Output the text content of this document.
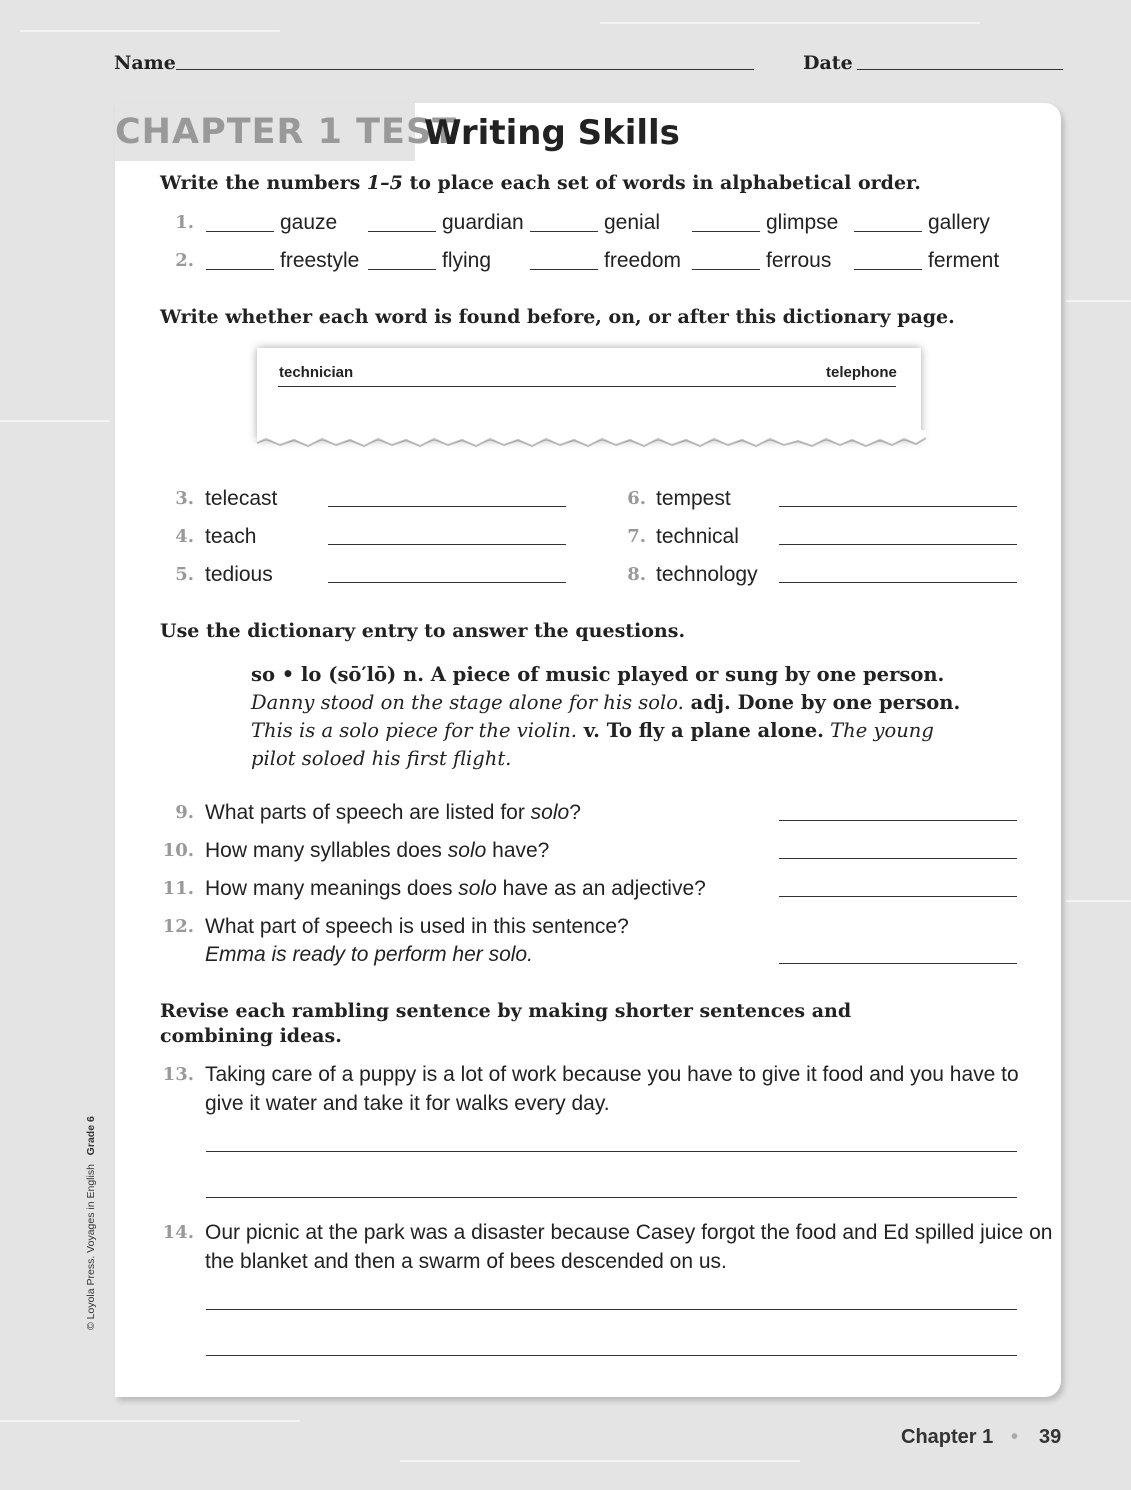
Name	Date
CHAPTER 1 TEST
Writing Skills
Write the numbers 1–5 to place each set of words in alphabetical order.
1.	gauze	guardian	genial	glimpse	gallery
2.	freestyle	flying	freedom	ferrous	ferment
Write whether each word is found before, on, or after this dictionary page.
technician	telephone
3. telecast
4. teach
5. tedious
6. tempest
7. technical
8. technology
Use the dictionary entry to answer the questions.
so • lo (sō′lō) n. A piece of music played or sung by one person.
Danny stood on the stage alone for his solo. adj. Done by one person.
This is a solo piece for the violin. v. To fly a plane alone. The young
pilot soloed his first flight.
9. What parts of speech are listed for solo?
10. How many syllables does solo have?
11. How many meanings does solo have as an adjective?
12. What part of speech is used in this sentence?
Emma is ready to perform her solo.
Revise each rambling sentence by making shorter sentences and
combining ideas.
13. Taking care of a puppy is a lot of work because you have to give it food and you have to
give it water and take it for walks every day.
14. Our picnic at the park was a disaster because Casey forgot the food and Ed spilled juice on
the blanket and then a swarm of bees descended on us.
© Loyola Press. Voyages in English   Grade 6
Chapter 1 • 39
